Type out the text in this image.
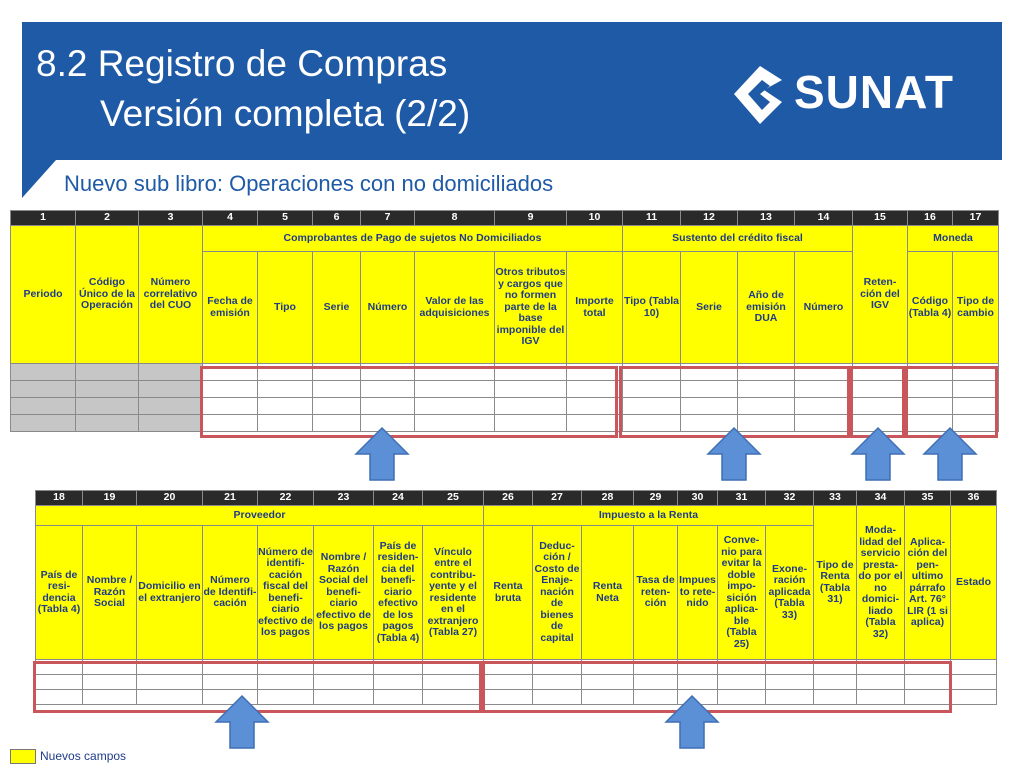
8.2 Registro de Compras
Versión completa (2/2)	SUNAT
Nuevo sub libro: Operaciones con no domiciliados
1	2	3	4	5	6	7	8	9	10	11	12	13	14	15	16	17
Periodo	Código Único de la Operación	Número correlativo del CUO	Comprobantes de Pago de sujetos No Domiciliados							Sustento del crédito fiscal				Reten- ción del IGV	Moneda	
			Fecha de emisión	Tipo	Serie	Número	Valor de las adquisiciones	Otros tributos y cargos que no formen parte de la base imponible del IGV	Importe total	Tipo (Tabla 10)	Serie	Año de emisión DUA	Número		Código (Tabla 4)	Tipo de cambio

18	19	20	21	22	23	24	25	26	27	28	29	30	31	32	33	34	35	36
Proveedor								Impuesto a la Renta							Tipo de Renta (Tabla 31)	Moda- lidad del servicio presta- do por el no domici- liado (Tabla 32)	Aplica- ción del pen- ultimo párrafo Art. 76° LIR (1 si aplica)	Estado
País de resi- dencia (Tabla 4)	Nombre / Razón Social	Domicilio en el extranjero	Número de Identifi- cación	Número de identifi- cación fiscal del benefi- ciario efectivo de los pagos	Nombre / Razón Social del benefi- ciario efectivo de los pagos	País de residen- cia del benefi- ciario efectivo de los pagos (Tabla 4)	Vínculo entre el contribu- yente y el residente en el extranjero (Tabla 27)	Renta bruta	Deduc- ción / Costo de Enaje- nación de bienes de capital	Renta Neta	Tasa de reten- ción	Impues to rete- nido	Conve- nio para evitar la doble impo- sición aplica- ble (Tabla 25)	Exone- ración aplicada (Tabla 33)				

Nuevos campos
